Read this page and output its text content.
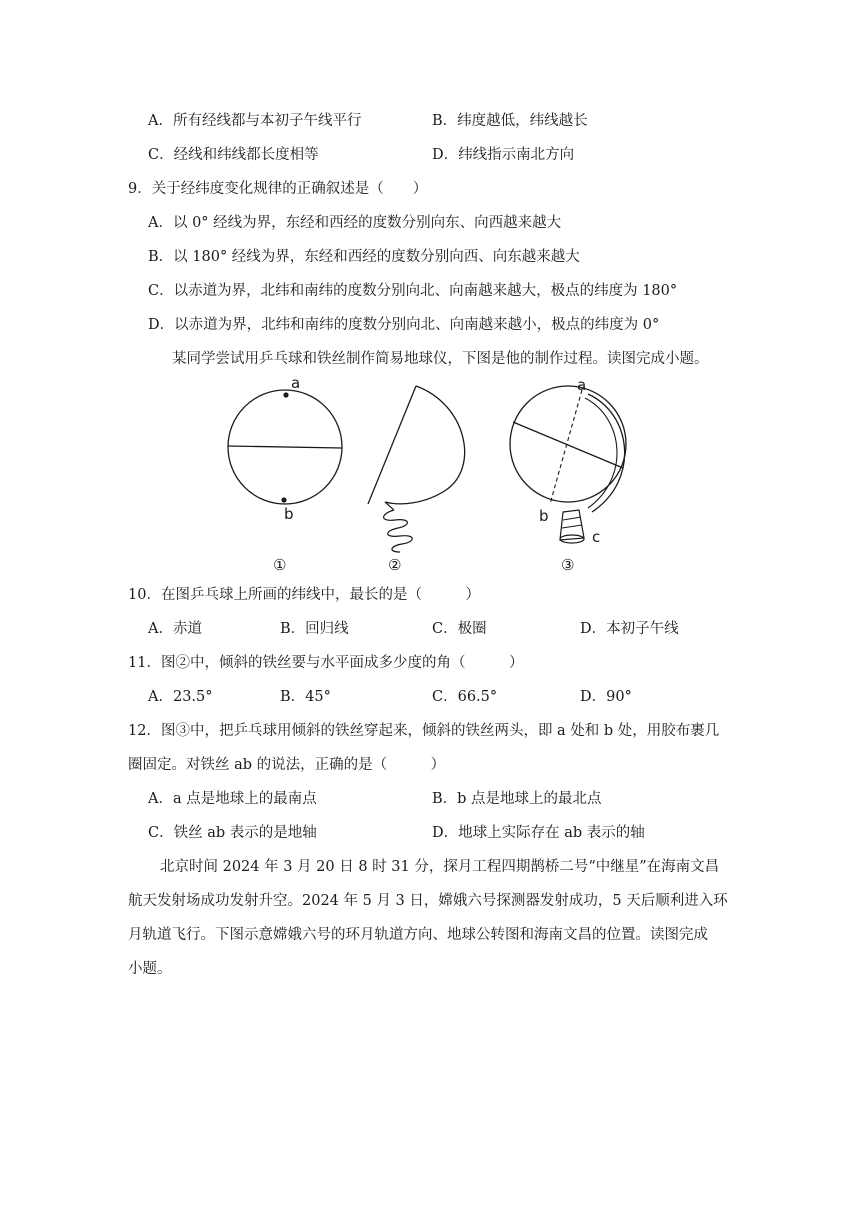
A．所有经线都与本初子午线平行	B．纬度越低，纬线越长
C．经线和纬线都长度相等	D．纬线指示南北方向
9．关于经纬度变化规律的正确叙述是（　　）
A．以 0° 经线为界，东经和西经的度数分别向东、向西越来越大
B．以 180° 经线为界，东经和西经的度数分别向西、向东越来越大
C．以赤道为界，北纬和南纬的度数分别向北、向南越来越大，极点的纬度为 180°
D．以赤道为界，北纬和南纬的度数分别向北、向南越来越小，极点的纬度为 0°
某同学尝试用乒乓球和铁丝制作简易地球仪，下图是他的制作过程。读图完成小题。
a
b
a
b
c
①	②	③
10．在图乒乓球上所画的纬线中，最长的是（　　　）
A．赤道	B．回归线	C．极圈	D．本初子午线
11．图②中，倾斜的铁丝要与水平面成多少度的角（　　　）
A．23.5°	B．45°	C．66.5°	D．90°
12．图③中，把乒乓球用倾斜的铁丝穿起来，倾斜的铁丝两头，即 a 处和 b 处，用胶布裹几
圈固定。对铁丝 ab 的说法，正确的是（　　　）
A．a 点是地球上的最南点	B．b 点是地球上的最北点
C．铁丝 ab 表示的是地轴	D．地球上实际存在 ab 表示的轴
北京时间 2024 年 3 月 20 日 8 时 31 分，探月工程四期鹊桥二号“中继星”在海南文昌
航天发射场成功发射升空。2024 年 5 月 3 日，嫦娥六号探测器发射成功，5 天后顺利进入环
月轨道飞行。下图示意嫦娥六号的环月轨道方向、地球公转图和海南文昌的位置。读图完成
小题。
